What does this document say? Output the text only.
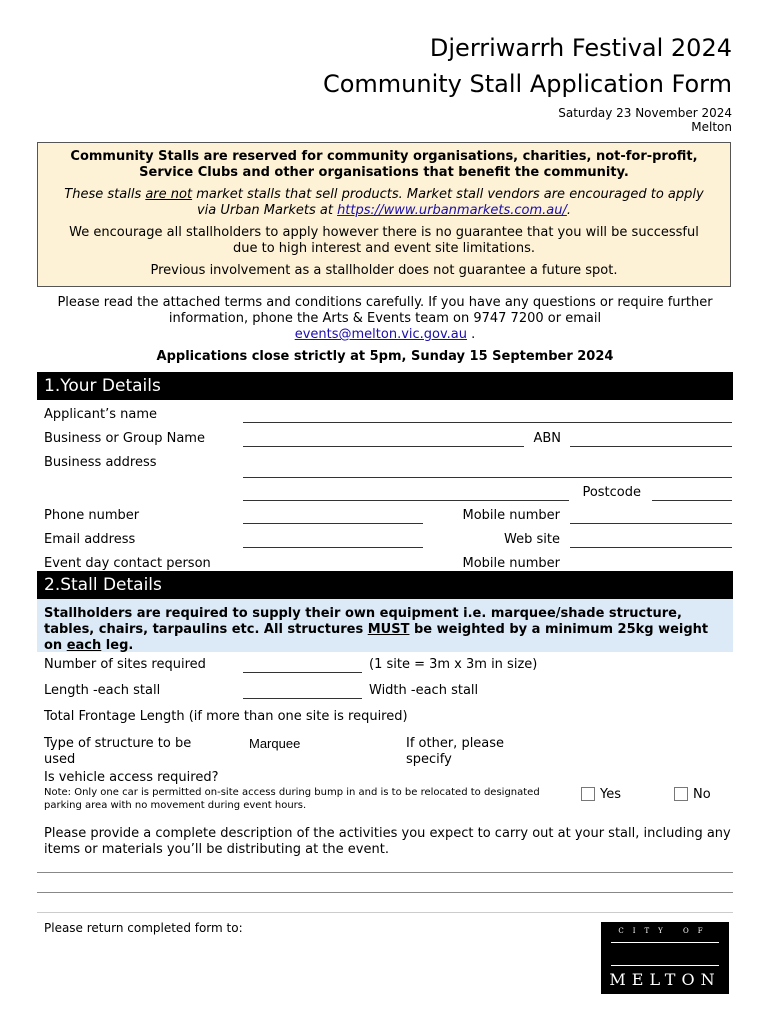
Djerriwarrh Festival 2024
Community Stall Application Form
Saturday 23 November 2024
Melton

Community Stalls are reserved for community organisations, charities, not-for-profit, Service Clubs and other organisations that benefit the community.

These stalls are not market stalls that sell products. Market stall vendors are encouraged to apply via Urban Markets at https://www.urbanmarkets.com.au/.

We encourage all stallholders to apply however there is no guarantee that you will be successful due to high interest and event site limitations.

Previous involvement as a stallholder does not guarantee a future spot.

Please read the attached terms and conditions carefully. If you have any questions or require further information, phone the Arts & Events team on 9747 7200 or email
events@melton.vic.gov.au .
Applications close strictly at 5pm, Sunday 15 September 2024
1.Your Details
Applicant’s name
Business or Group Name	ABN
Business address
Postcode
Phone number	Mobile number
Email address	Web site
Event day contact person	Mobile number
2.Stall Details
Stallholders are required to supply their own equipment i.e. marquee/shade structure, tables, chairs, tarpaulins etc. All structures MUST be weighted by a minimum 25kg weight on each leg.
Number of sites required	(1 site = 3m x 3m in size)
Length -each stall	Width -each stall
Total Frontage Length (if more than one site is required)
Type of structure to be used
Marquee	If other, please specify
Is vehicle access required?
Note: Only one car is permitted on-site access during bump in and is to be relocated to designated parking area with no movement during event hours.
Yes	No
Please provide a complete description of the activities you expect to carry out at your stall, including any items or materials you’ll be distributing at the event.
Please return completed form to:	CITY OF
MELTON
